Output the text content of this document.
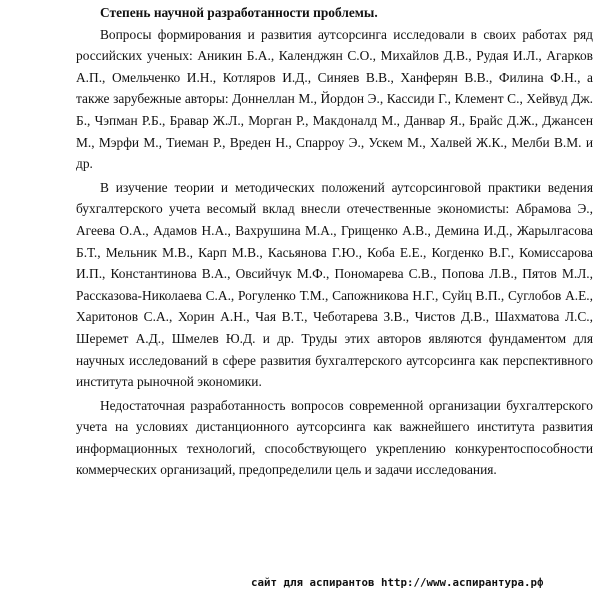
Степень научной разработанности проблемы.

Вопросы формирования и развития аутсорсинга исследовали в своих работах ряд российских ученых: Аникин Б.А., Календжян С.О., Михайлов Д.В., Рудая И.Л., Агарков А.П., Омельченко И.Н., Котляров И.Д., Синяев В.В., Ханферян В.В., Филина Ф.Н., а также зарубежные авторы: Доннеллан М., Йордон Э., Кассиди Г., Клемент С., Хейвуд Дж. Б., Чэпман Р.Б., Бравар Ж.Л., Морган Р., Макдоналд М., Данвар Я., Брайс Д.Ж., Джансен М., Мэрфи М., Тиеман Р., Вреден Н., Спарроу Э., Ускем М., Халвей Ж.К., Мелби В.М. и др.

В изучение теории и методических положений аутсорсинговой практики ведения бухгалтерского учета весомый вклад внесли отечественные экономисты: Абрамова Э., Агеева О.А., Адамов Н.А., Вахрушина М.А., Грищенко А.В., Демина И.Д., Жарылгасова Б.Т., Мельник М.В., Карп М.В., Касьянова Г.Ю., Коба Е.Е., Когденко В.Г., Комиссарова И.П., Константинова В.А., Овсийчук М.Ф., Пономарева С.В., Попова Л.В., Пятов М.Л., Рассказова-Николаева С.А., Рогуленко Т.М., Сапожникова Н.Г., Суйц В.П., Суглобов А.Е., Харитонов С.А., Хорин А.Н., Чая В.Т., Чеботарева З.В., Чистов Д.В., Шахматова Л.С., Шеремет А.Д., Шмелев Ю.Д. и др. Труды этих авторов являются фундаментом для научных исследований в сфере развития бухгалтерского аутсорсинга как перспективного института рыночной экономики.

Недостаточная разработанность вопросов современной организации бухгалтерского учета на условиях дистанционного аутсорсинга как важнейшего института развития информационных технологий, способствующего укреплению конкурентоспособности коммерческих организаций, предопределили цель и задачи исследования.

сайт для аспирантов http://www.аспирантура.рф
